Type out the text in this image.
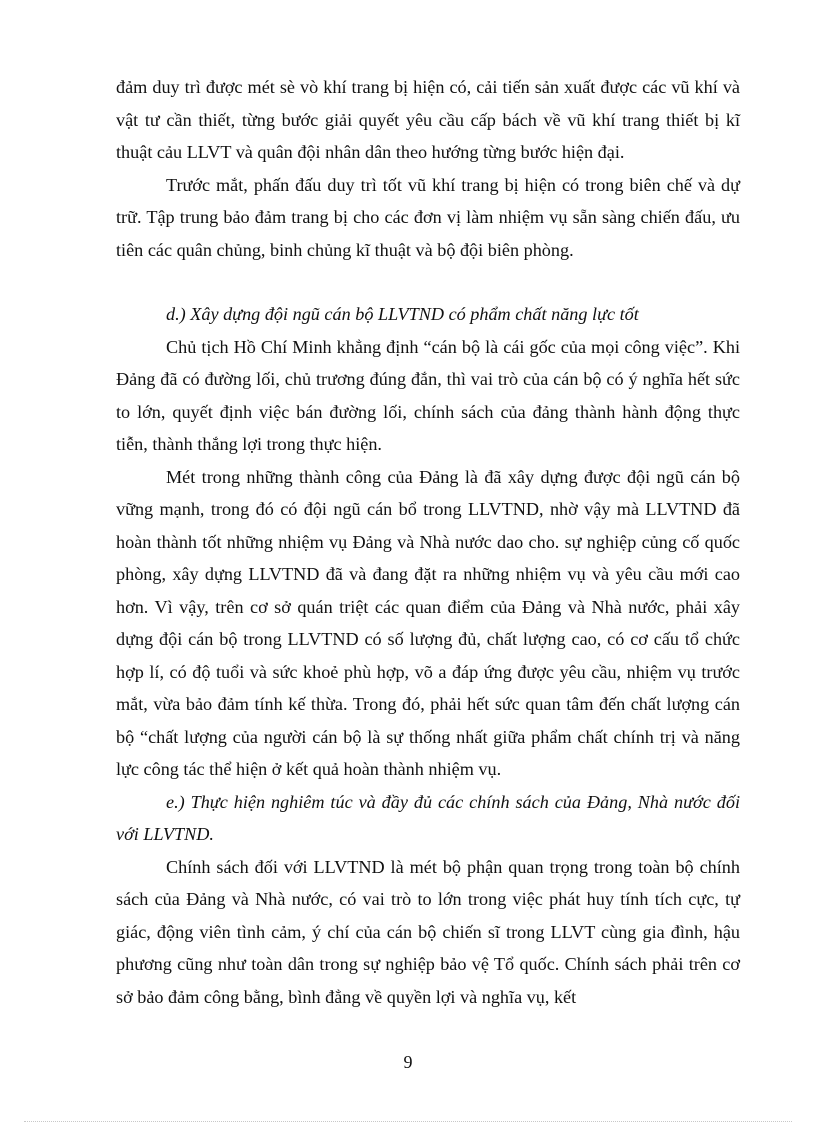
đảm duy trì được mét sè vò khí trang bị hiện có, cải tiến sản xuất được các vũ khí và vật tư cần thiết, từng bước giải quyết yêu cầu cấp bách về vũ khí trang thiết bị kĩ thuật cảu LLVT và quân đội nhân dân theo hướng từng bước hiện đại.

Trước mắt, phấn đấu duy trì tốt vũ khí trang bị hiện có trong biên chế và dự trữ. Tập trung bảo đảm trang bị cho các đơn vị làm nhiệm vụ sẵn sàng chiến đấu, ưu tiên các quân chủng, binh chủng kĩ thuật và bộ đội biên phòng.

d.) Xây dựng đội ngũ cán bộ LLVTND có phẩm chất năng lực tốt

Chủ tịch Hồ Chí Minh khẳng định “cán bộ là cái gốc của mọi công việc”. Khi Đảng đã có đường lối, chủ trương đúng đắn, thì vai trò của cán bộ có ý nghĩa hết sức to lớn, quyết định việc bán đường lối, chính sách của đảng thành hành động thực tiễn, thành thắng lợi trong thực hiện.

Mét trong những thành công của Đảng là đã xây dựng được đội ngũ cán bộ vững mạnh, trong đó có đội ngũ cán bổ trong LLVTND, nhờ vậy mà LLVTND đã hoàn thành tốt những nhiệm vụ Đảng và Nhà nước dao cho. sự nghiệp củng cố quốc phòng, xây dựng LLVTND đã và đang đặt ra những nhiệm vụ và yêu cầu mới cao hơn. Vì vậy, trên cơ sở quán triệt các quan điểm của Đảng và Nhà nước, phải xây dựng đội cán bộ trong LLVTND có số lượng đủ, chất lượng cao, có cơ cấu tổ chức hợp lí, có độ tuổi và sức khoẻ phù hợp, võ a đáp ứng được yêu cầu, nhiệm vụ trước mắt, vừa bảo đảm tính kế thừa. Trong đó, phải hết sức quan tâm đến chất lượng cán bộ “chất lượng của người cán bộ là sự thống nhất giữa phẩm chất chính trị và năng lực công tác thể hiện ở kết quả hoàn thành nhiệm vụ.

e.) Thực hiện nghiêm túc và đầy đủ các chính sách của Đảng, Nhà nước đối với LLVTND.

Chính sách đối với LLVTND là mét bộ phận quan trọng trong toàn bộ chính sách của Đảng và Nhà nước, có vai trò to lớn trong việc phát huy tính tích cực, tự giác, động viên tình cảm, ý chí của cán bộ chiến sĩ trong LLVT cùng gia đình, hậu phương cũng như toàn dân trong sự nghiệp bảo vệ Tổ quốc. Chính sách phải trên cơ sở bảo đảm công bằng, bình đẳng về quyền lợi và nghĩa vụ, kết

9
